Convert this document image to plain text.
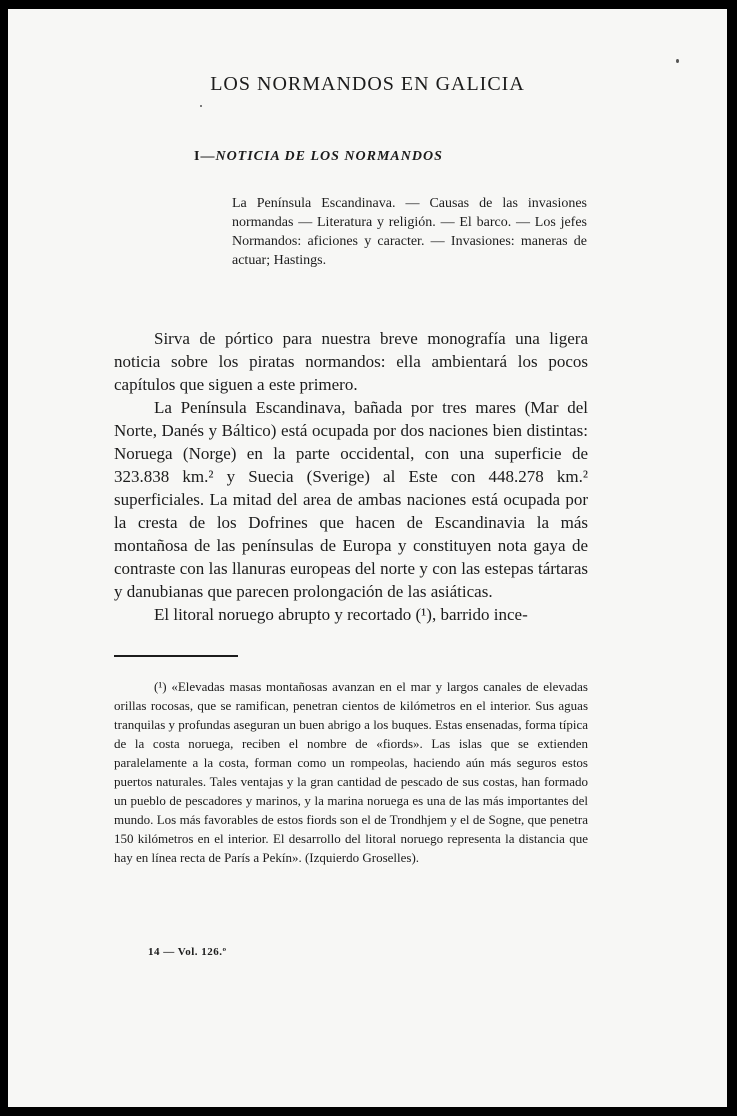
LOS NORMANDOS EN GALICIA
I—NOTICIA DE LOS NORMANDOS

La Península Escandinava. — Causas de las invasiones normandas — Literatura y religión. — El barco. — Los jefes Normandos: aficiones y caracter. — Invasiones: maneras de actuar; Hastings.

Sirva de pórtico para nuestra breve monografía una ligera noticia sobre los piratas normandos: ella ambientará los pocos capítulos que siguen a este primero.

La Península Escandinava, bañada por tres mares (Mar del Norte, Danés y Báltico) está ocupada por dos naciones bien distintas: Noruega (Norge) en la parte occidental, con una superficie de 323.838 km.² y Suecia (Sverige) al Este con 448.278 km.² superficiales. La mitad del area de ambas naciones está ocupada por la cresta de los Dofrines que hacen de Escandinavia la más montañosa de las penínsulas de Europa y constituyen nota gaya de contraste con las llanuras europeas del norte y con las estepas tártaras y danubianas que parecen prolongación de las asiáticas.

El litoral noruego abrupto y recortado (¹), barrido ince-

(¹) «Elevadas masas montañosas avanzan en el mar y largos canales de elevadas orillas rocosas, que se ramifican, penetran cientos de kilómetros en el interior. Sus aguas tranquilas y profundas aseguran un buen abrigo a los buques. Estas ensenadas, forma típica de la costa noruega, reciben el nombre de «fiords». Las islas que se extienden paralelamente a la costa, forman como un rompeolas, haciendo aún más seguros estos puertos naturales. Tales ventajas y la gran cantidad de pescado de sus costas, han formado un pueblo de pescadores y marinos, y la marina noruega es una de las más importantes del mundo. Los más favorables de estos fiords son el de Trondhjem y el de Sogne, que penetra 150 kilómetros en el interior. El desarrollo del litoral noruego representa la distancia que hay en línea recta de París a Pekín». (Izquierdo Groselles).

14 — Vol. 126.º
